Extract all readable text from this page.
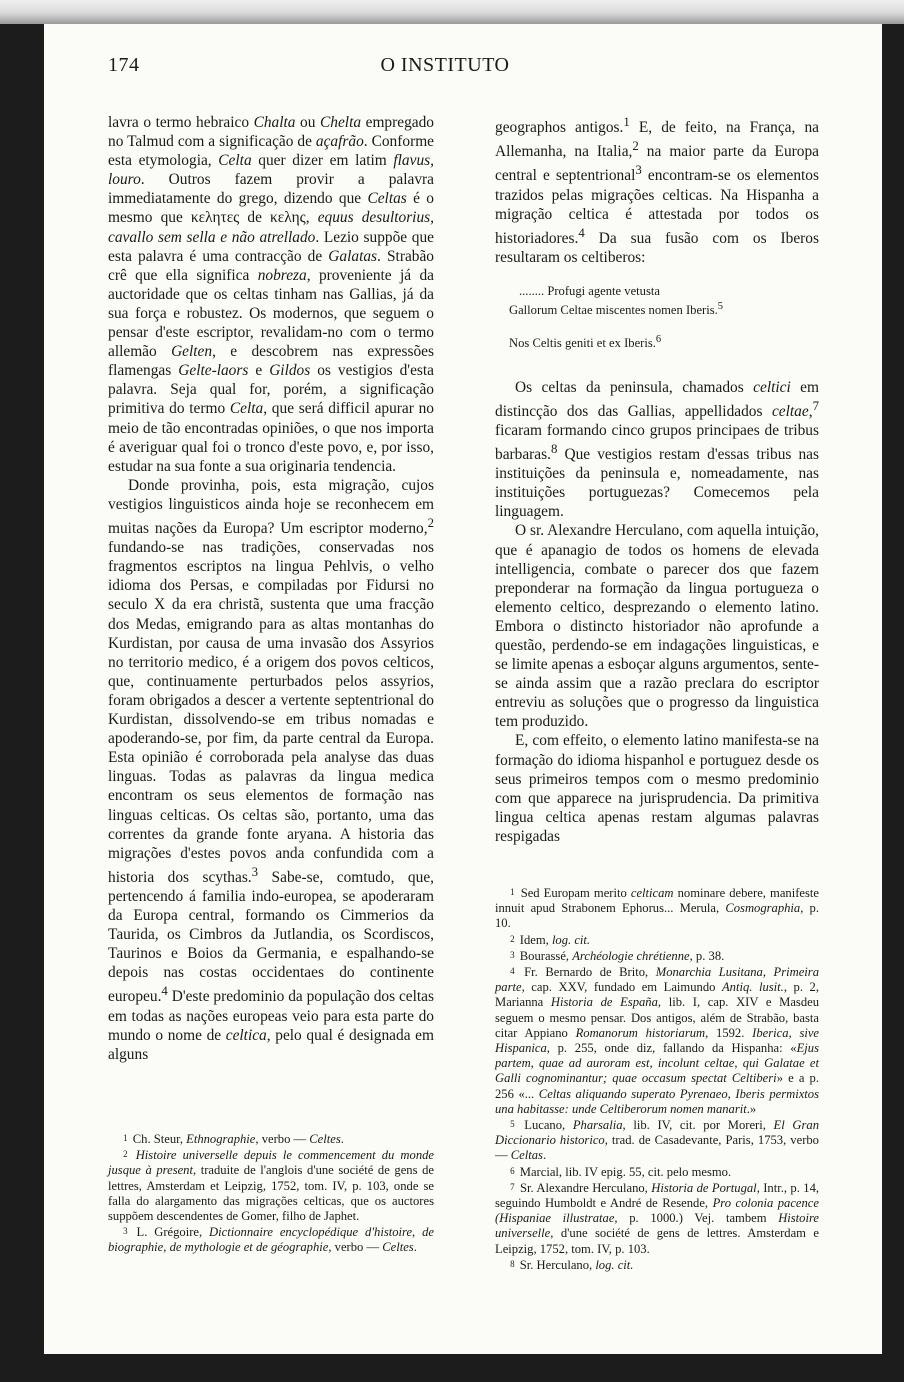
174	O INSTITUTO

lavra o termo hebraico Chalta ou Chelta empregado no Talmud com a significação de açafrão. Conforme esta etymologia, Celta quer dizer em latim flavus, louro. Outros fazem provir a palavra immediatamente do grego, dizendo que Celtas é o mesmo que κελητες de κελης, equus desultorius, cavallo sem sella e não atrellado. Lezio suppõe que esta palavra é uma contracção de Galatas. Strabão crê que ella significa nobreza, proveniente já da auctoridade que os celtas tinham nas Gallias, já da sua força e robustez. Os modernos, que seguem o pensar d'este escriptor, revalidam-no com o termo allemão Gelten, e descobrem nas expressões flamengas Gelte-laors e Gildos os vestigios d'esta palavra. Seja qual for, porém, a significação primitiva do termo Celta, que será difficil apurar no meio de tão encontradas opiniões, o que nos importa é averiguar qual foi o tronco d'este povo, e, por isso, estudar na sua fonte a sua originaria tendencia.

Donde provinha, pois, esta migração, cujos vestigios linguisticos ainda hoje se reconhecem em muitas nações da Europa? Um escriptor moderno,$^2$ fundando-se nas tradições, conservadas nos fragmentos escriptos na lingua Pehlvis, o velho idioma dos Persas, e compiladas por Fidursi no seculo X da era christã, sustenta que uma fracção dos Medas, emigrando para as altas montanhas do Kurdistan, por causa de uma invasão dos Assyrios no territorio medico, é a origem dos povos celticos, que, continuamente perturbados pelos assyrios, foram obrigados a descer a vertente septentrional do Kurdistan, dissolvendo-se em tribus nomadas e apoderando-se, por fim, da parte central da Europa. Esta opinião é corroborada pela analyse das duas linguas. Todas as palavras da lingua medica encontram os seus elementos de formação nas linguas celticas. Os celtas são, portanto, uma das correntes da grande fonte aryana. A historia das migrações d'estes povos anda confundida com a historia dos scythas.$^3$ Sabe-se, comtudo, que, pertencendo á familia indo-europea, se apoderaram da Europa central, formando os Cimmerios da Taurida, os Cimbros da Jutlandia, os Scordiscos, Taurinos e Boios da Germania, e espalhando-se depois nas costas occidentaes do continente europeu.$^4$ D'este predominio da população dos celtas em todas as nações europeas veio para esta parte do mundo o nome de celtica, pelo qual é designada em alguns

1 Ch. Steur, Ethnographie, verbo — Celtes.

2 Histoire universelle depuis le commencement du monde jusque à present, traduite de l'anglois d'une société de gens de lettres, Amsterdam et Leipzig, 1752, tom. IV, p. 103, onde se falla do alargamento das migrações celticas, que os auctores suppõem descendentes de Gomer, filho de Japhet.

3 L. Grégoire, Dictionnaire encyclopédique d'histoire, de biographie, de mythologie et de géographie, verbo — Celtes.

geographos antigos.$^1$ E, de feito, na França, na Allemanha, na Italia,$^2$ na maior parte da Europa central e septentrional$^3$ encontram-se os elementos trazidos pelas migrações celticas. Na Hispanha a migração celtica é attestada por todos os historiadores.$^4$ Da sua fusão com os Iberos resultaram os celtiberos:

........ Profugi agente vetusta
Gallorum Celtae miscentes nomen Iberis.$^5$
Nos Celtis geniti et ex Iberis.$^6$

Os celtas da peninsula, chamados celtici em distincção dos das Gallias, appellidados celtae,$^7$ ficaram formando cinco grupos principaes de tribus barbaras.$^8$ Que vestigios restam d'essas tribus nas instituições da peninsula e, nomeadamente, nas instituições portuguezas? Comecemos pela linguagem.

O sr. Alexandre Herculano, com aquella intuição, que é apanagio de todos os homens de elevada intelligencia, combate o parecer dos que fazem preponderar na formação da lingua portugueza o elemento celtico, desprezando o elemento latino. Embora o distincto historiador não aprofunde a questão, perdendo-se em indagações linguisticas, e se limite apenas a esboçar alguns argumentos, sente-se ainda assim que a razão preclara do escriptor entreviu as soluções que o progresso da linguistica tem produzido.

E, com effeito, o elemento latino manifesta-se na formação do idioma hispanhol e portuguez desde os seus primeiros tempos com o mesmo predominio com que apparece na jurisprudencia. Da primitiva lingua celtica apenas restam algumas palavras respigadas

1 Sed Europam merito celticam nominare debere, manifeste innuit apud Strabonem Ephorus... Merula, Cosmographia, p. 10.

2 Idem, log. cit.

3 Bourassé, Archéologie chrétienne, p. 38.

4 Fr. Bernardo de Brito, Monarchia Lusitana, Primeira parte, cap. XXV, fundado em Laimundo Antiq. lusit., p. 2, Marianna Historia de España, lib. I, cap. XIV e Masdeu seguem o mesmo pensar. Dos antigos, além de Strabão, basta citar Appiano Romanorum historiarum, 1592. Iberica, sive Hispanica, p. 255, onde diz, fallando da Hispanha: «Ejus partem, quae ad auroram est, incolunt celtae, qui Galatae et Galli cognominantur; quae occasum spectat Celtiberi» e a p. 256 «... Celtas aliquando superato Pyrenaeo, Iberis permixtos una habitasse: unde Celtiberorum nomen manarit.»

5 Lucano, Pharsalia, lib. IV, cit. por Moreri, El Gran Diccionario historico, trad. de Casadevante, Paris, 1753, verbo — Celtas.

6 Marcial, lib. IV epig. 55, cit. pelo mesmo.

7 Sr. Alexandre Herculano, Historia de Portugal, Intr., p. 14, seguindo Humboldt e André de Resende, Pro colonia pacence (Hispaniae illustratae, p. 1000.) Vej. tambem Histoire universelle, d'une société de gens de lettres. Amsterdam e Leipzig, 1752, tom. IV, p. 103.

8 Sr. Herculano, log. cit.
